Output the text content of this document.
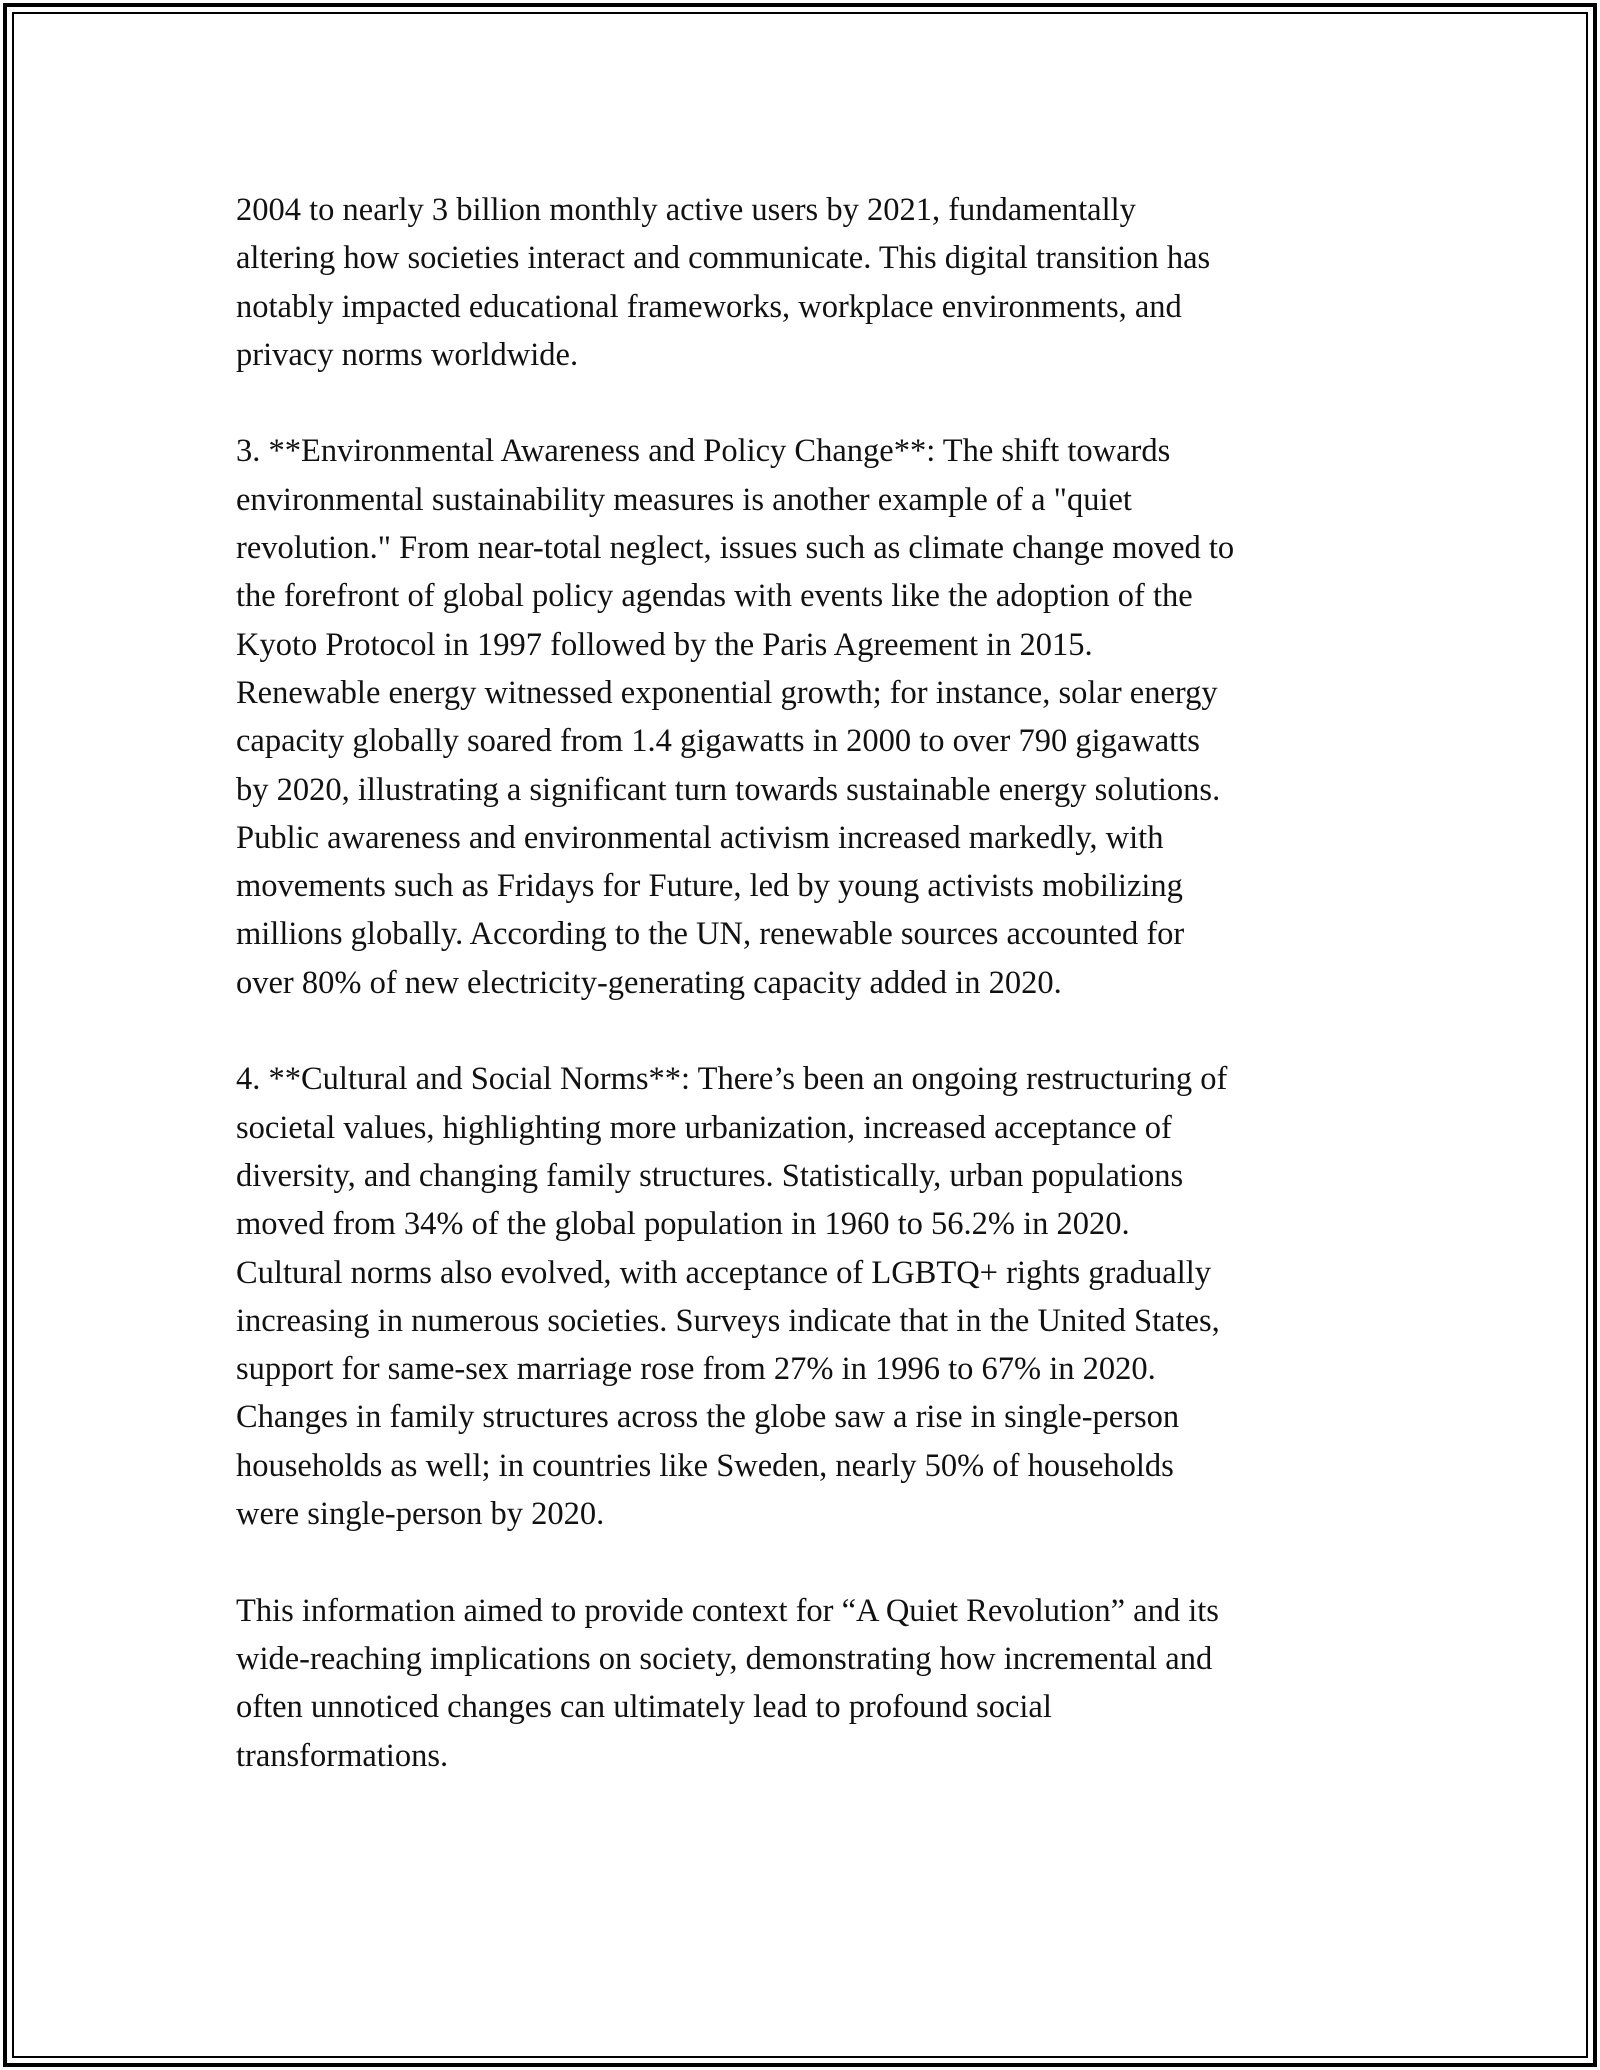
2004 to nearly 3 billion monthly active users by 2021, fundamentally
altering how societies interact and communicate. This digital transition has
notably impacted educational frameworks, workplace environments, and
privacy norms worldwide.

3. **Environmental Awareness and Policy Change**: The shift towards
environmental sustainability measures is another example of a "quiet
revolution." From near-total neglect, issues such as climate change moved to
the forefront of global policy agendas with events like the adoption of the
Kyoto Protocol in 1997 followed by the Paris Agreement in 2015.
Renewable energy witnessed exponential growth; for instance, solar energy
capacity globally soared from 1.4 gigawatts in 2000 to over 790 gigawatts
by 2020, illustrating a significant turn towards sustainable energy solutions.
Public awareness and environmental activism increased markedly, with
movements such as Fridays for Future, led by young activists mobilizing
millions globally. According to the UN, renewable sources accounted for
over 80% of new electricity-generating capacity added in 2020.

4. **Cultural and Social Norms**: There’s been an ongoing restructuring of
societal values, highlighting more urbanization, increased acceptance of
diversity, and changing family structures. Statistically, urban populations
moved from 34% of the global population in 1960 to 56.2% in 2020.
Cultural norms also evolved, with acceptance of LGBTQ+ rights gradually
increasing in numerous societies. Surveys indicate that in the United States,
support for same-sex marriage rose from 27% in 1996 to 67% in 2020.
Changes in family structures across the globe saw a rise in single-person
households as well; in countries like Sweden, nearly 50% of households
were single-person by 2020.

This information aimed to provide context for “A Quiet Revolution” and its
wide-reaching implications on society, demonstrating how incremental and
often unnoticed changes can ultimately lead to profound social
transformations.
